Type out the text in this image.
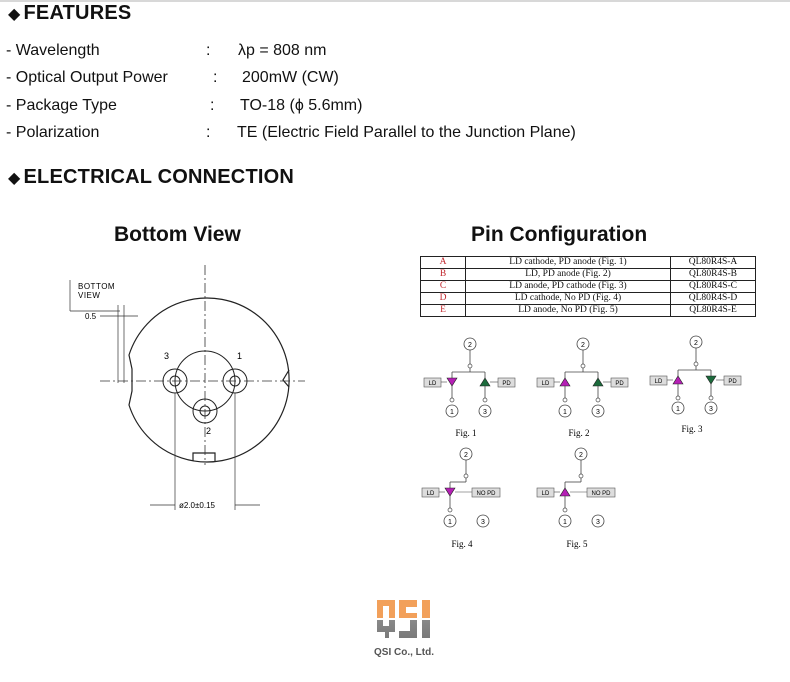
◆ FEATURES
- Wavelength	: λp = 808 nm
- Optical Output Power	: 200mW (CW)
- Package Type	: TO-18 (ϕ 5.6mm)
- Polarization	: TE (Electric Field Parallel to the Junction Plane)
◆ ELECTRICAL CONNECTION
Bottom View	Pin Configuration
3	1
2
BOTTOM
VIEW
0.5
ø2.0±0.15
A	LD cathode, PD anode (Fig. 1)	QL80R4S-A
B	LD, PD anode (Fig. 2)	QL80R4S-B
C	LD anode, PD cathode (Fig. 3)	QL80R4S-C
D	LD cathode, No PD (Fig. 4)	QL80R4S-D
E	LD anode, No PD (Fig. 5)	QL80R4S-E
2
LD	PD
1	3
Fig. 1
2
LD	PD
1	3
Fig. 2
2
LD	PD
1	3
Fig. 3
2
LD	NO PD
1	3
Fig. 4
2
LD	NO PD
1	3
Fig. 5
QSI Co., Ltd.
